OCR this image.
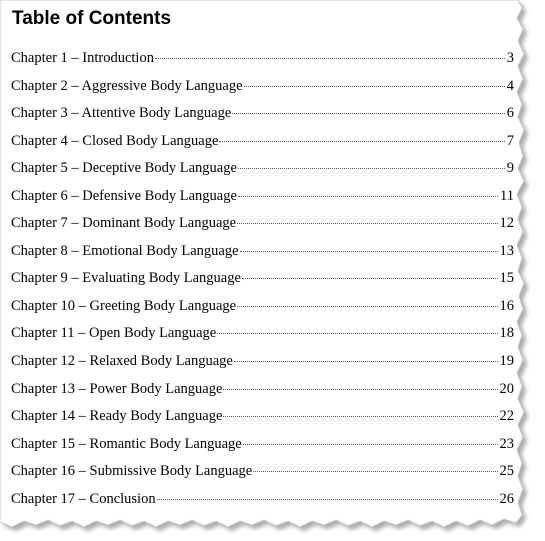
Table of Contents
Chapter 1 – Introduction	3
Chapter 2 – Aggressive Body Language	4
Chapter 3 – Attentive Body Language	6
Chapter 4 – Closed Body Language	7
Chapter 5 – Deceptive Body Language	9
Chapter 6 – Defensive Body Language	11
Chapter 7 – Dominant Body Language	12
Chapter 8 – Emotional Body Language	13
Chapter 9 – Evaluating Body Language	15
Chapter 10 – Greeting Body Language	16
Chapter 11 – Open Body Language	18
Chapter 12 – Relaxed Body Language	19
Chapter 13 – Power Body Language	20
Chapter 14 – Ready Body Language	22
Chapter 15 – Romantic Body Language	23
Chapter 16 – Submissive Body Language	25
Chapter 17 – Conclusion	26
